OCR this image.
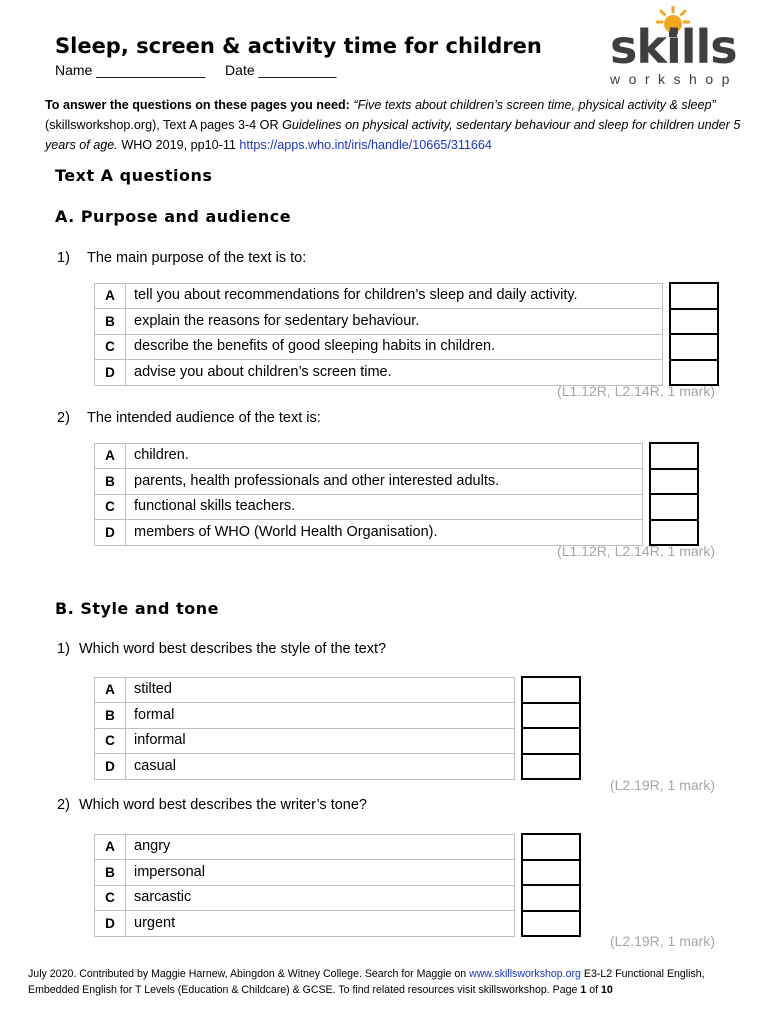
Sleep, screen & activity time for children
Name ______________ Date __________	skills
workshop

To answer the questions on these pages you need: “Five texts about children’s screen time, physical activity & sleep” (skillsworkshop.org), Text A pages 3-4 OR Guidelines on physical activity, sedentary behaviour and sleep for children under 5 years of age. WHO 2019, pp10-11 https://apps.who.int/iris/handle/10665/311664

Text A questions
A. Purpose and audience
1) The main purpose of the text is to:
A	tell you about recommendations for children’s sleep and daily activity.		
B	explain the reasons for sedentary behaviour.		
C	describe the benefits of good sleeping habits in children.		
D	advise you about children’s screen time.		
(L1.12R, L2.14R, 1 mark)
2) The intended audience of the text is:
A	children.		
B	parents, health professionals and other interested adults.		
C	functional skills teachers.		
D	members of WHO (World Health Organisation).		
(L1.12R, L2.14R, 1 mark)
B. Style and tone
1) Which word best describes the style of the text?
A	stilted		
B	formal		
C	informal		
D	casual		
(L2.19R, 1 mark)
2) Which word best describes the writer’s tone?
A	angry		
B	impersonal		
C	sarcastic		
D	urgent		
(L2.19R, 1 mark)

July 2020. Contributed by Maggie Harnew, Abingdon & Witney College. Search for Maggie on www.skillsworkshop.org E3-L2 Functional English, Embedded English for T Levels (Education & Childcare) & GCSE. To find related resources visit skillsworkshop. Page 1 of 10
